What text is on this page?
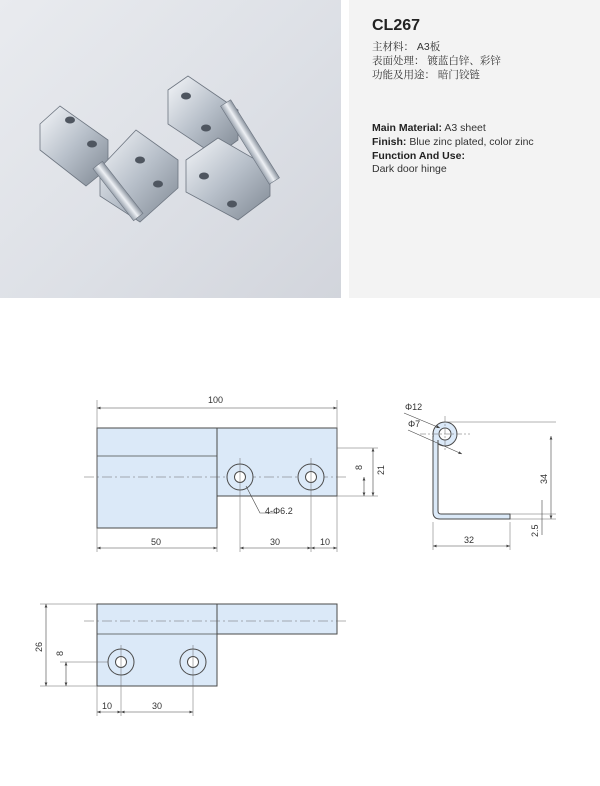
CL267
主材料： A3板
表面处理： 镀蓝白锌、彩锌
功能及用途： 暗门铰链
Main Material: A3 sheet
Finish: Blue zinc plated, color zinc
Function And Use:
Dark door hinge
100
50	30	10
8 21
4-Φ6.2
Φ12
Φ7
34
32
2.5
26
8
10	30
